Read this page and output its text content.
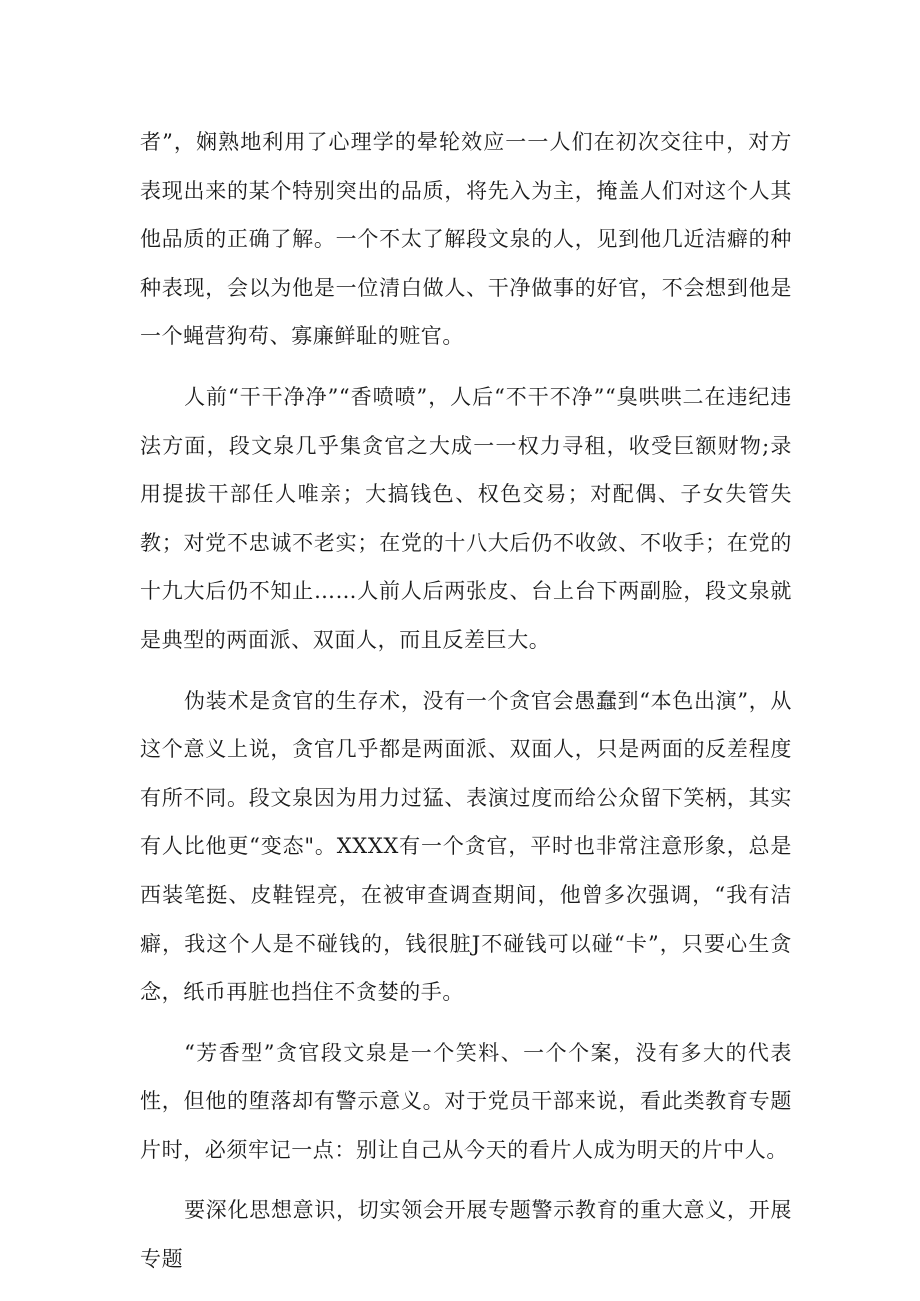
者”，娴熟地利用了心理学的晕轮效应一一人们在初次交往中，对方表现出来的某个特别突出的品质，将先入为主，掩盖人们对这个人其他品质的正确了解。一个不太了解段文泉的人，见到他几近洁癖的种种表现，会以为他是一位清白做人、干净做事的好官，不会想到他是一个蝇营狗苟、寡廉鲜耻的赃官。

人前“干干净净”“香喷喷”，人后“不干不净”“臭哄哄二在违纪违法方面，段文泉几乎集贪官之大成一一权力寻租，收受巨额财物;录用提拔干部任人唯亲；大搞钱色、权色交易；对配偶、子女失管失教；对党不忠诚不老实；在党的十八大后仍不收敛、不收手；在党的十九大后仍不知止……人前人后两张皮、台上台下两副脸，段文泉就是典型的两面派、双面人，而且反差巨大。

伪装术是贪官的生存术，没有一个贪官会愚蠢到“本色出演”，从这个意义上说，贪官几乎都是两面派、双面人，只是两面的反差程度有所不同。段文泉因为用力过猛、表演过度而给公众留下笑柄，其实有人比他更“变态"。XXXX有一个贪官，平时也非常注意形象，总是西装笔挺、皮鞋锃亮，在被审查调查期间，他曾多次强调，“我有洁癖，我这个人是不碰钱的，钱很脏J不碰钱可以碰“卡”，只要心生贪念，纸币再脏也挡住不贪婪的手。

“芳香型”贪官段文泉是一个笑料、一个个案，没有多大的代表性，但他的堕落却有警示意义。对于党员干部来说，看此类教育专题片时，必须牢记一点：别让自己从今天的看片人成为明天的片中人。

要深化思想意识，切实领会开展专题警示教育的重大意义，开展专题
